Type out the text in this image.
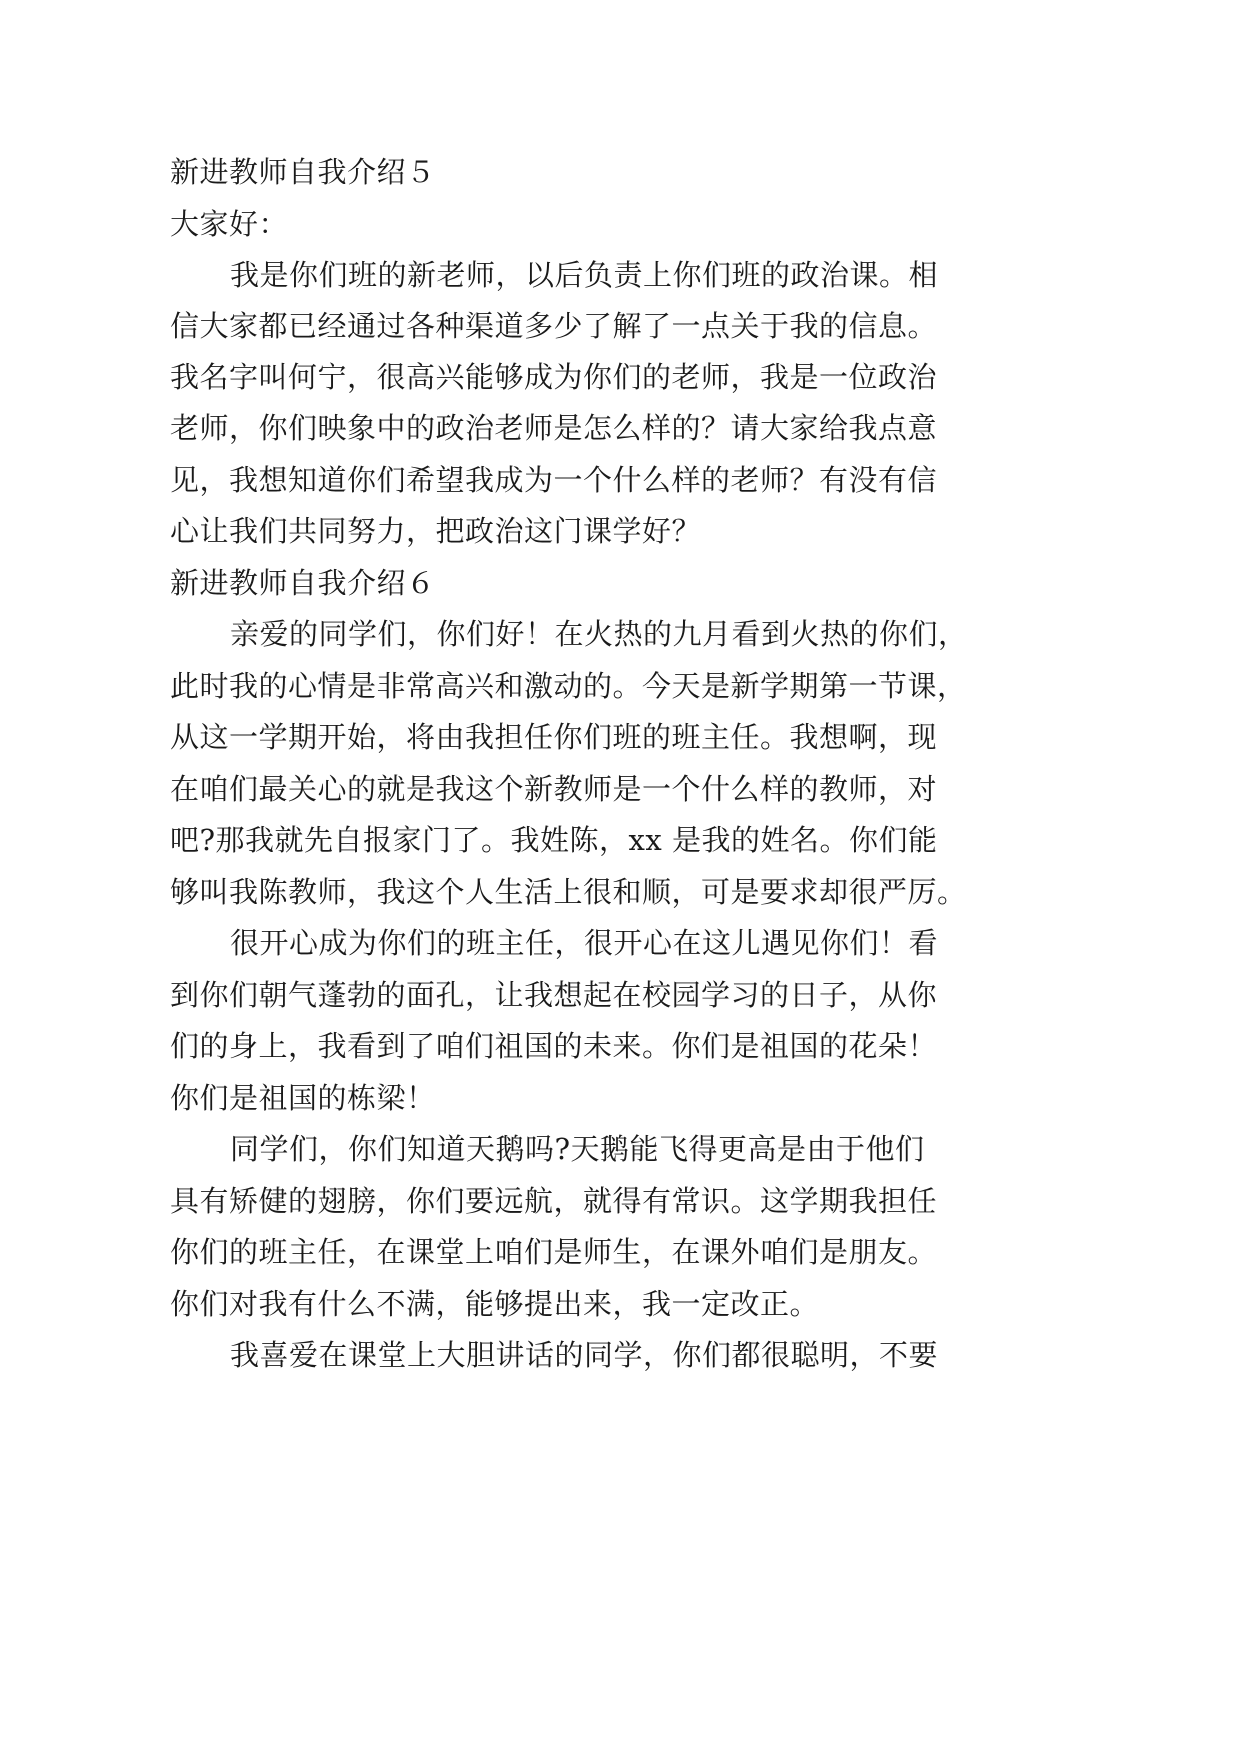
新进教师自我介绍５
大家好：
我是你们班的新老师，以后负责上你们班的政治课。相
信大家都已经通过各种渠道多少了解了一点关于我的信息。
我名字叫何宁，很高兴能够成为你们的老师，我是一位政治
老师，你们映象中的政治老师是怎么样的？请大家给我点意
见，我想知道你们希望我成为一个什么样的老师？有没有信
心让我们共同努力，把政治这门课学好？
新进教师自我介绍６
亲爱的同学们，你们好！在火热的九月看到火热的你们，
此时我的心情是非常高兴和激动的。今天是新学期第一节课，
从这一学期开始，将由我担任你们班的班主任。我想啊，现
在咱们最关心的就是我这个新教师是一个什么样的教师，对
吧?那我就先自报家门了。我姓陈，xx 是我的姓名。你们能
够叫我陈教师，我这个人生活上很和顺，可是要求却很严厉。
很开心成为你们的班主任，很开心在这儿遇见你们！看
到你们朝气蓬勃的面孔，让我想起在校园学习的日子，从你
们的身上，我看到了咱们祖国的未来。你们是祖国的花朵！
你们是祖国的栋梁！
同学们，你们知道天鹅吗?天鹅能飞得更高是由于他们
具有矫健的翅膀，你们要远航，就得有常识。这学期我担任
你们的班主任，在课堂上咱们是师生，在课外咱们是朋友。
你们对我有什么不满，能够提出来，我一定改正。
我喜爱在课堂上大胆讲话的同学，你们都很聪明，不要
